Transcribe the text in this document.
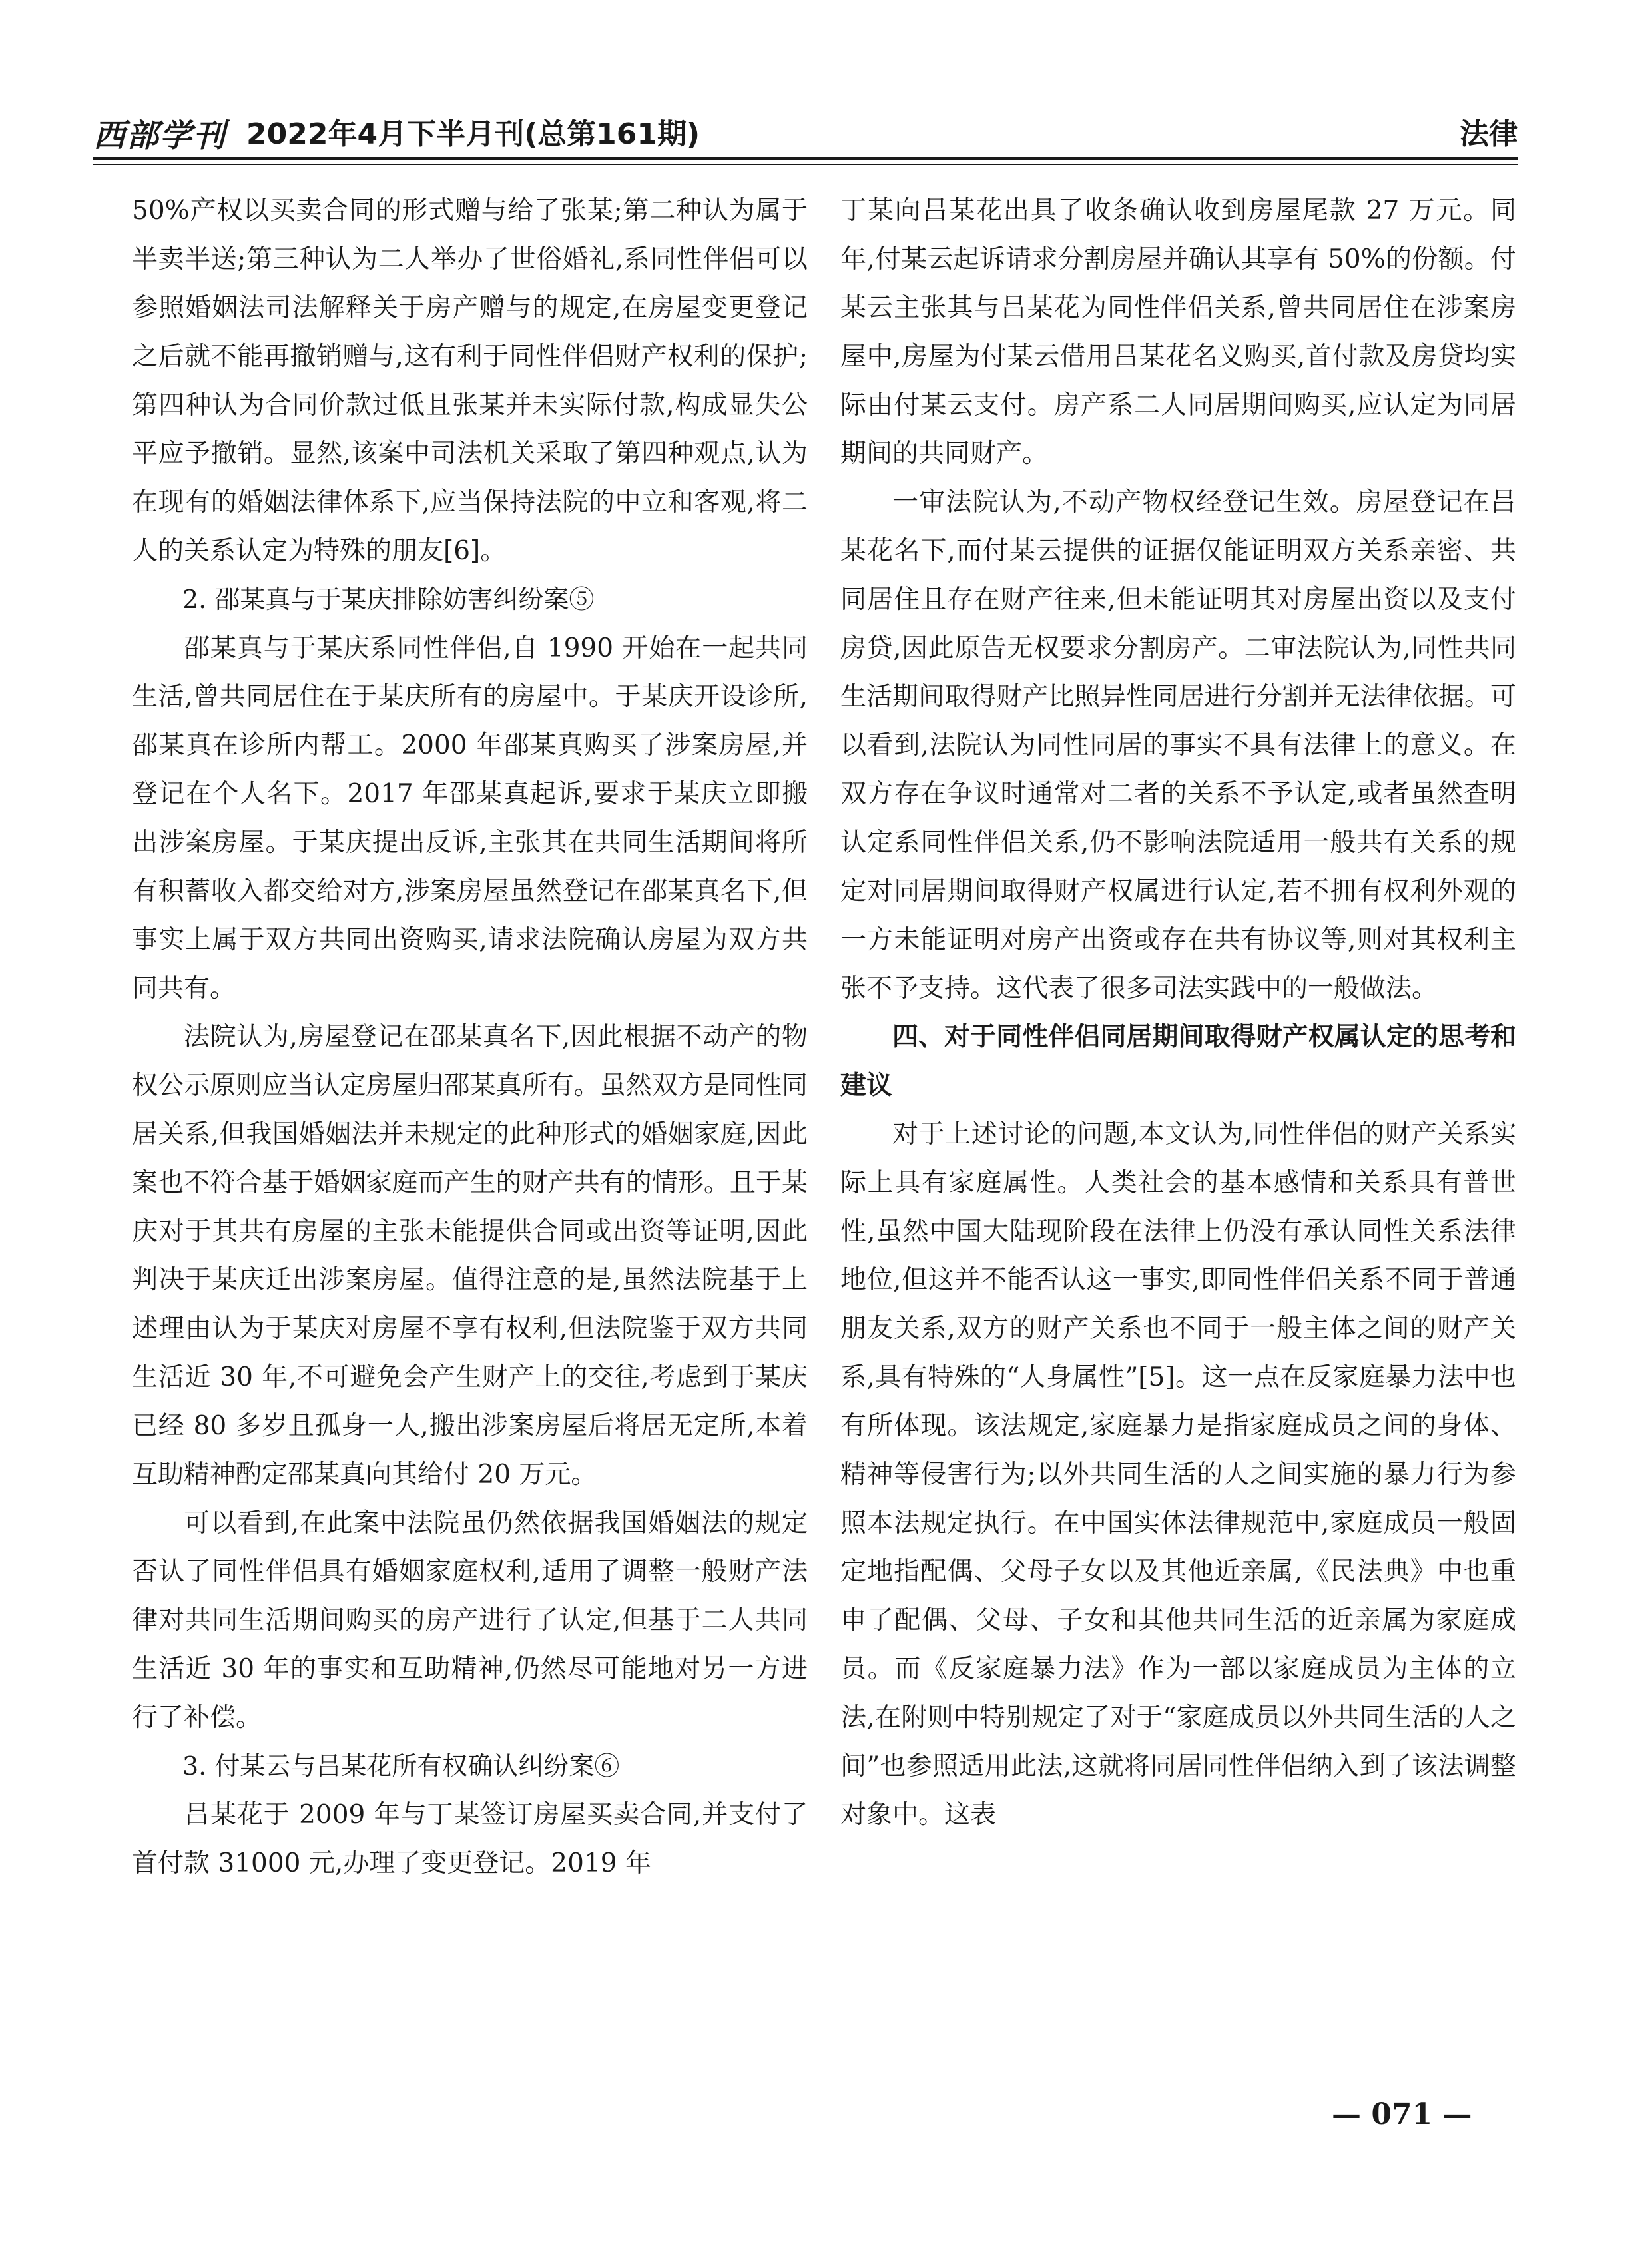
西部学刊 2022年4月下半月刊(总第161期)	法律

50%产权以买卖合同的形式赠与给了张某;第二种认为属于半卖半送;第三种认为二人举办了世俗婚礼,系同性伴侣可以参照婚姻法司法解释关于房产赠与的规定,在房屋变更登记之后就不能再撤销赠与,这有利于同性伴侣财产权利的保护;第四种认为合同价款过低且张某并未实际付款,构成显失公平应予撤销。显然,该案中司法机关采取了第四种观点,认为在现有的婚姻法律体系下,应当保持法院的中立和客观,将二人的关系认定为特殊的朋友[6]。

2. 邵某真与于某庆排除妨害纠纷案⑤

邵某真与于某庆系同性伴侣,自 1990 开始在一起共同生活,曾共同居住在于某庆所有的房屋中。于某庆开设诊所,邵某真在诊所内帮工。2000 年邵某真购买了涉案房屋,并登记在个人名下。2017 年邵某真起诉,要求于某庆立即搬出涉案房屋。于某庆提出反诉,主张其在共同生活期间将所有积蓄收入都交给对方,涉案房屋虽然登记在邵某真名下,但事实上属于双方共同出资购买,请求法院确认房屋为双方共同共有。

法院认为,房屋登记在邵某真名下,因此根据不动产的物权公示原则应当认定房屋归邵某真所有。虽然双方是同性同居关系,但我国婚姻法并未规定的此种形式的婚姻家庭,因此案也不符合基于婚姻家庭而产生的财产共有的情形。且于某庆对于其共有房屋的主张未能提供合同或出资等证明,因此判决于某庆迁出涉案房屋。值得注意的是,虽然法院基于上述理由认为于某庆对房屋不享有权利,但法院鉴于双方共同生活近 30 年,不可避免会产生财产上的交往,考虑到于某庆已经 80 多岁且孤身一人,搬出涉案房屋后将居无定所,本着互助精神酌定邵某真向其给付 20 万元。

可以看到,在此案中法院虽仍然依据我国婚姻法的规定否认了同性伴侣具有婚姻家庭权利,适用了调整一般财产法律对共同生活期间购买的房产进行了认定,但基于二人共同生活近 30 年的事实和互助精神,仍然尽可能地对另一方进行了补偿。

3. 付某云与吕某花所有权确认纠纷案⑥

吕某花于 2009 年与丁某签订房屋买卖合同,并支付了首付款 31000 元,办理了变更登记。2019 年

丁某向吕某花出具了收条确认收到房屋尾款 27 万元。同年,付某云起诉请求分割房屋并确认其享有 50%的份额。付某云主张其与吕某花为同性伴侣关系,曾共同居住在涉案房屋中,房屋为付某云借用吕某花名义购买,首付款及房贷均实际由付某云支付。房产系二人同居期间购买,应认定为同居期间的共同财产。

一审法院认为,不动产物权经登记生效。房屋登记在吕某花名下,而付某云提供的证据仅能证明双方关系亲密、共同居住且存在财产往来,但未能证明其对房屋出资以及支付房贷,因此原告无权要求分割房产。二审法院认为,同性共同生活期间取得财产比照异性同居进行分割并无法律依据。可以看到,法院认为同性同居的事实不具有法律上的意义。在双方存在争议时通常对二者的关系不予认定,或者虽然查明认定系同性伴侣关系,仍不影响法院适用一般共有关系的规定对同居期间取得财产权属进行认定,若不拥有权利外观的一方未能证明对房产出资或存在共有协议等,则对其权利主张不予支持。这代表了很多司法实践中的一般做法。

四、对于同性伴侣同居期间取得财产权属认定的思考和建议

对于上述讨论的问题,本文认为,同性伴侣的财产关系实际上具有家庭属性。人类社会的基本感情和关系具有普世性,虽然中国大陆现阶段在法律上仍没有承认同性关系法律地位,但这并不能否认这一事实,即同性伴侣关系不同于普通朋友关系,双方的财产关系也不同于一般主体之间的财产关系,具有特殊的“人身属性”[5]。这一点在反家庭暴力法中也有所体现。该法规定,家庭暴力是指家庭成员之间的身体、精神等侵害行为;以外共同生活的人之间实施的暴力行为参照本法规定执行。在中国实体法律规范中,家庭成员一般固定地指配偶、父母子女以及其他近亲属,《民法典》中也重申了配偶、父母、子女和其他共同生活的近亲属为家庭成员。而《反家庭暴力法》作为一部以家庭成员为主体的立法,在附则中特别规定了对于“家庭成员以外共同生活的人之间”也参照适用此法,这就将同居同性伴侣纳入到了该法调整对象中。这表

— 071 —
